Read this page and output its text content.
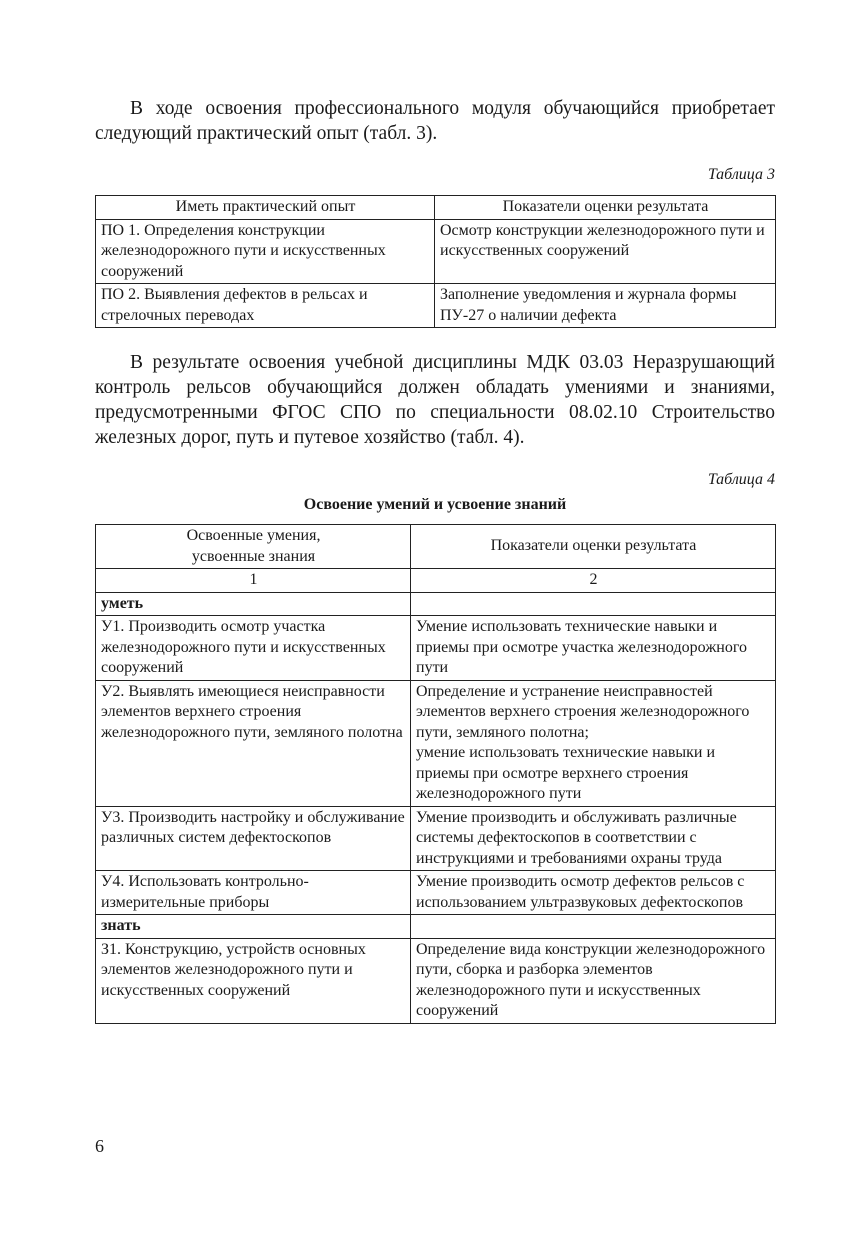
В ходе освоения профессионального модуля обучающийся приобретает следующий практический опыт (табл. 3).

Таблица 3
Иметь практический опыт	Показатели оценки результата
ПО 1. Определения конструкции железнодорожного пути и искусственных сооружений	Осмотр конструкции железнодорожного пути и искусственных сооружений
ПО 2. Выявления дефектов в рельсах и стрелочных переводах	Заполнение уведомления и журнала формы ПУ-27 о наличии дефекта

В результате освоения учебной дисциплины МДК 03.03 Неразрушающий контроль рельсов обучающийся должен обладать умениями и знаниями, предусмотренными ФГОС СПО по специальности 08.02.10 Строительство железных дорог, путь и путевое хозяйство (табл. 4).

Таблица 4
Освоение умений и усвоение знаний
Освоенные умения,
усвоенные знания	Показатели оценки результата
1	2
уметь	
У1. Производить осмотр участка железнодорожного пути и искусственных сооружений	Умение использовать технические навыки и приемы при осмотре участка железнодорожного пути
У2. Выявлять имеющиеся неисправности элементов верхнего строения железнодорожного пути, земляного полотна	Определение и устранение неисправностей элементов верхнего строения железнодорожного пути, земляного полотна;
умение использовать технические навыки и приемы при осмотре верхнего строения железнодорожного пути
У3. Производить настройку и обслуживание различных систем дефектоскопов	Умение производить и обслуживать различные системы дефектоскопов в соответствии с инструкциями и требованиями охраны труда
У4. Использовать контрольно-измерительные приборы	Умение производить осмотр дефектов рельсов с использованием ультразвуковых дефектоскопов
знать	
З1. Конструкцию, устройств основных элементов железнодорожного пути и искусственных сооружений	Определение вида конструкции железнодорожного пути, сборка и разборка элементов железнодорожного пути и искусственных сооружений
6
